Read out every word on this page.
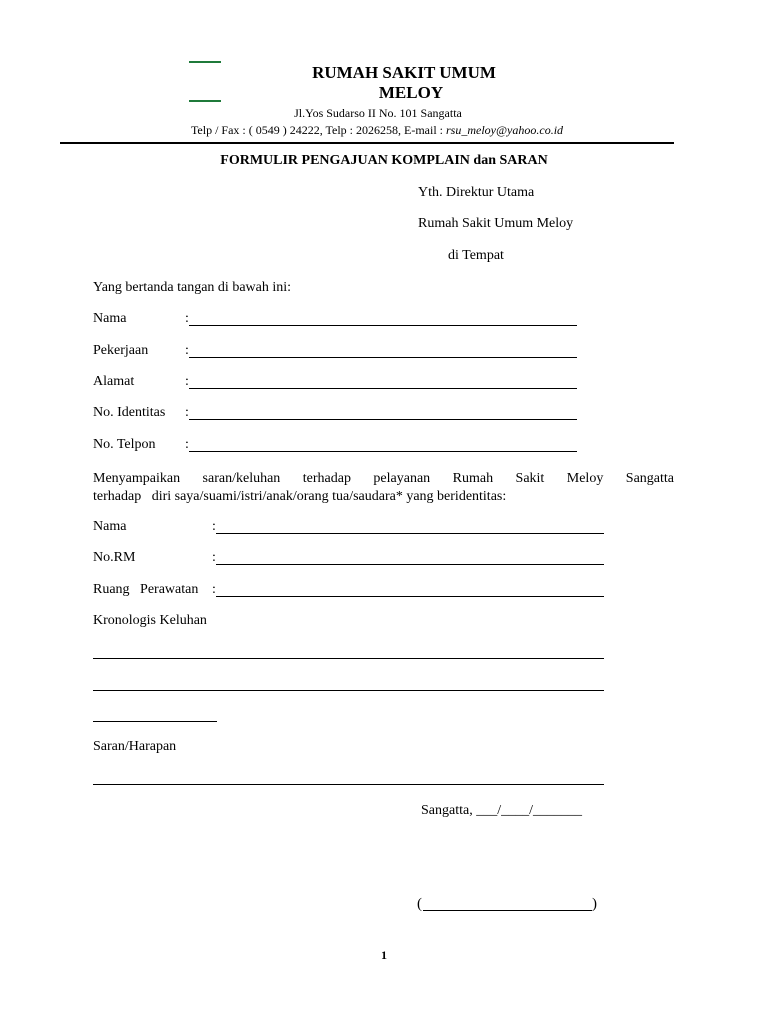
RUMAH SAKIT UMUM
MELOY
Jl.Yos Sudarso II No. 101 Sangatta
Telp / Fax : ( 0549 ) 24222, Telp : 2026258, E-mail : rsu_meloy@yahoo.co.id
FORMULIR PENGAJUAN KOMPLAIN dan SARAN
Yth. Direktur Utama
Rumah Sakit Umum Meloy
di Tempat
Yang bertanda tangan di bawah ini:
Nama	:
Pekerjaan	:
Alamat	:
No. Identitas :
No. Telpon :
Menyampaikan saran/keluhan terhadap pelayanan Rumah Sakit Meloy Sangatta
terhadap   diri saya/suami/istri/anak/orang tua/saudara* yang beridentitas:
Nama	:
No.RM	:
Ruang   Perawatan :
Kronologis Keluhan
Saran/Harapan
Sangatta, ___/____/_______
(	)
1
